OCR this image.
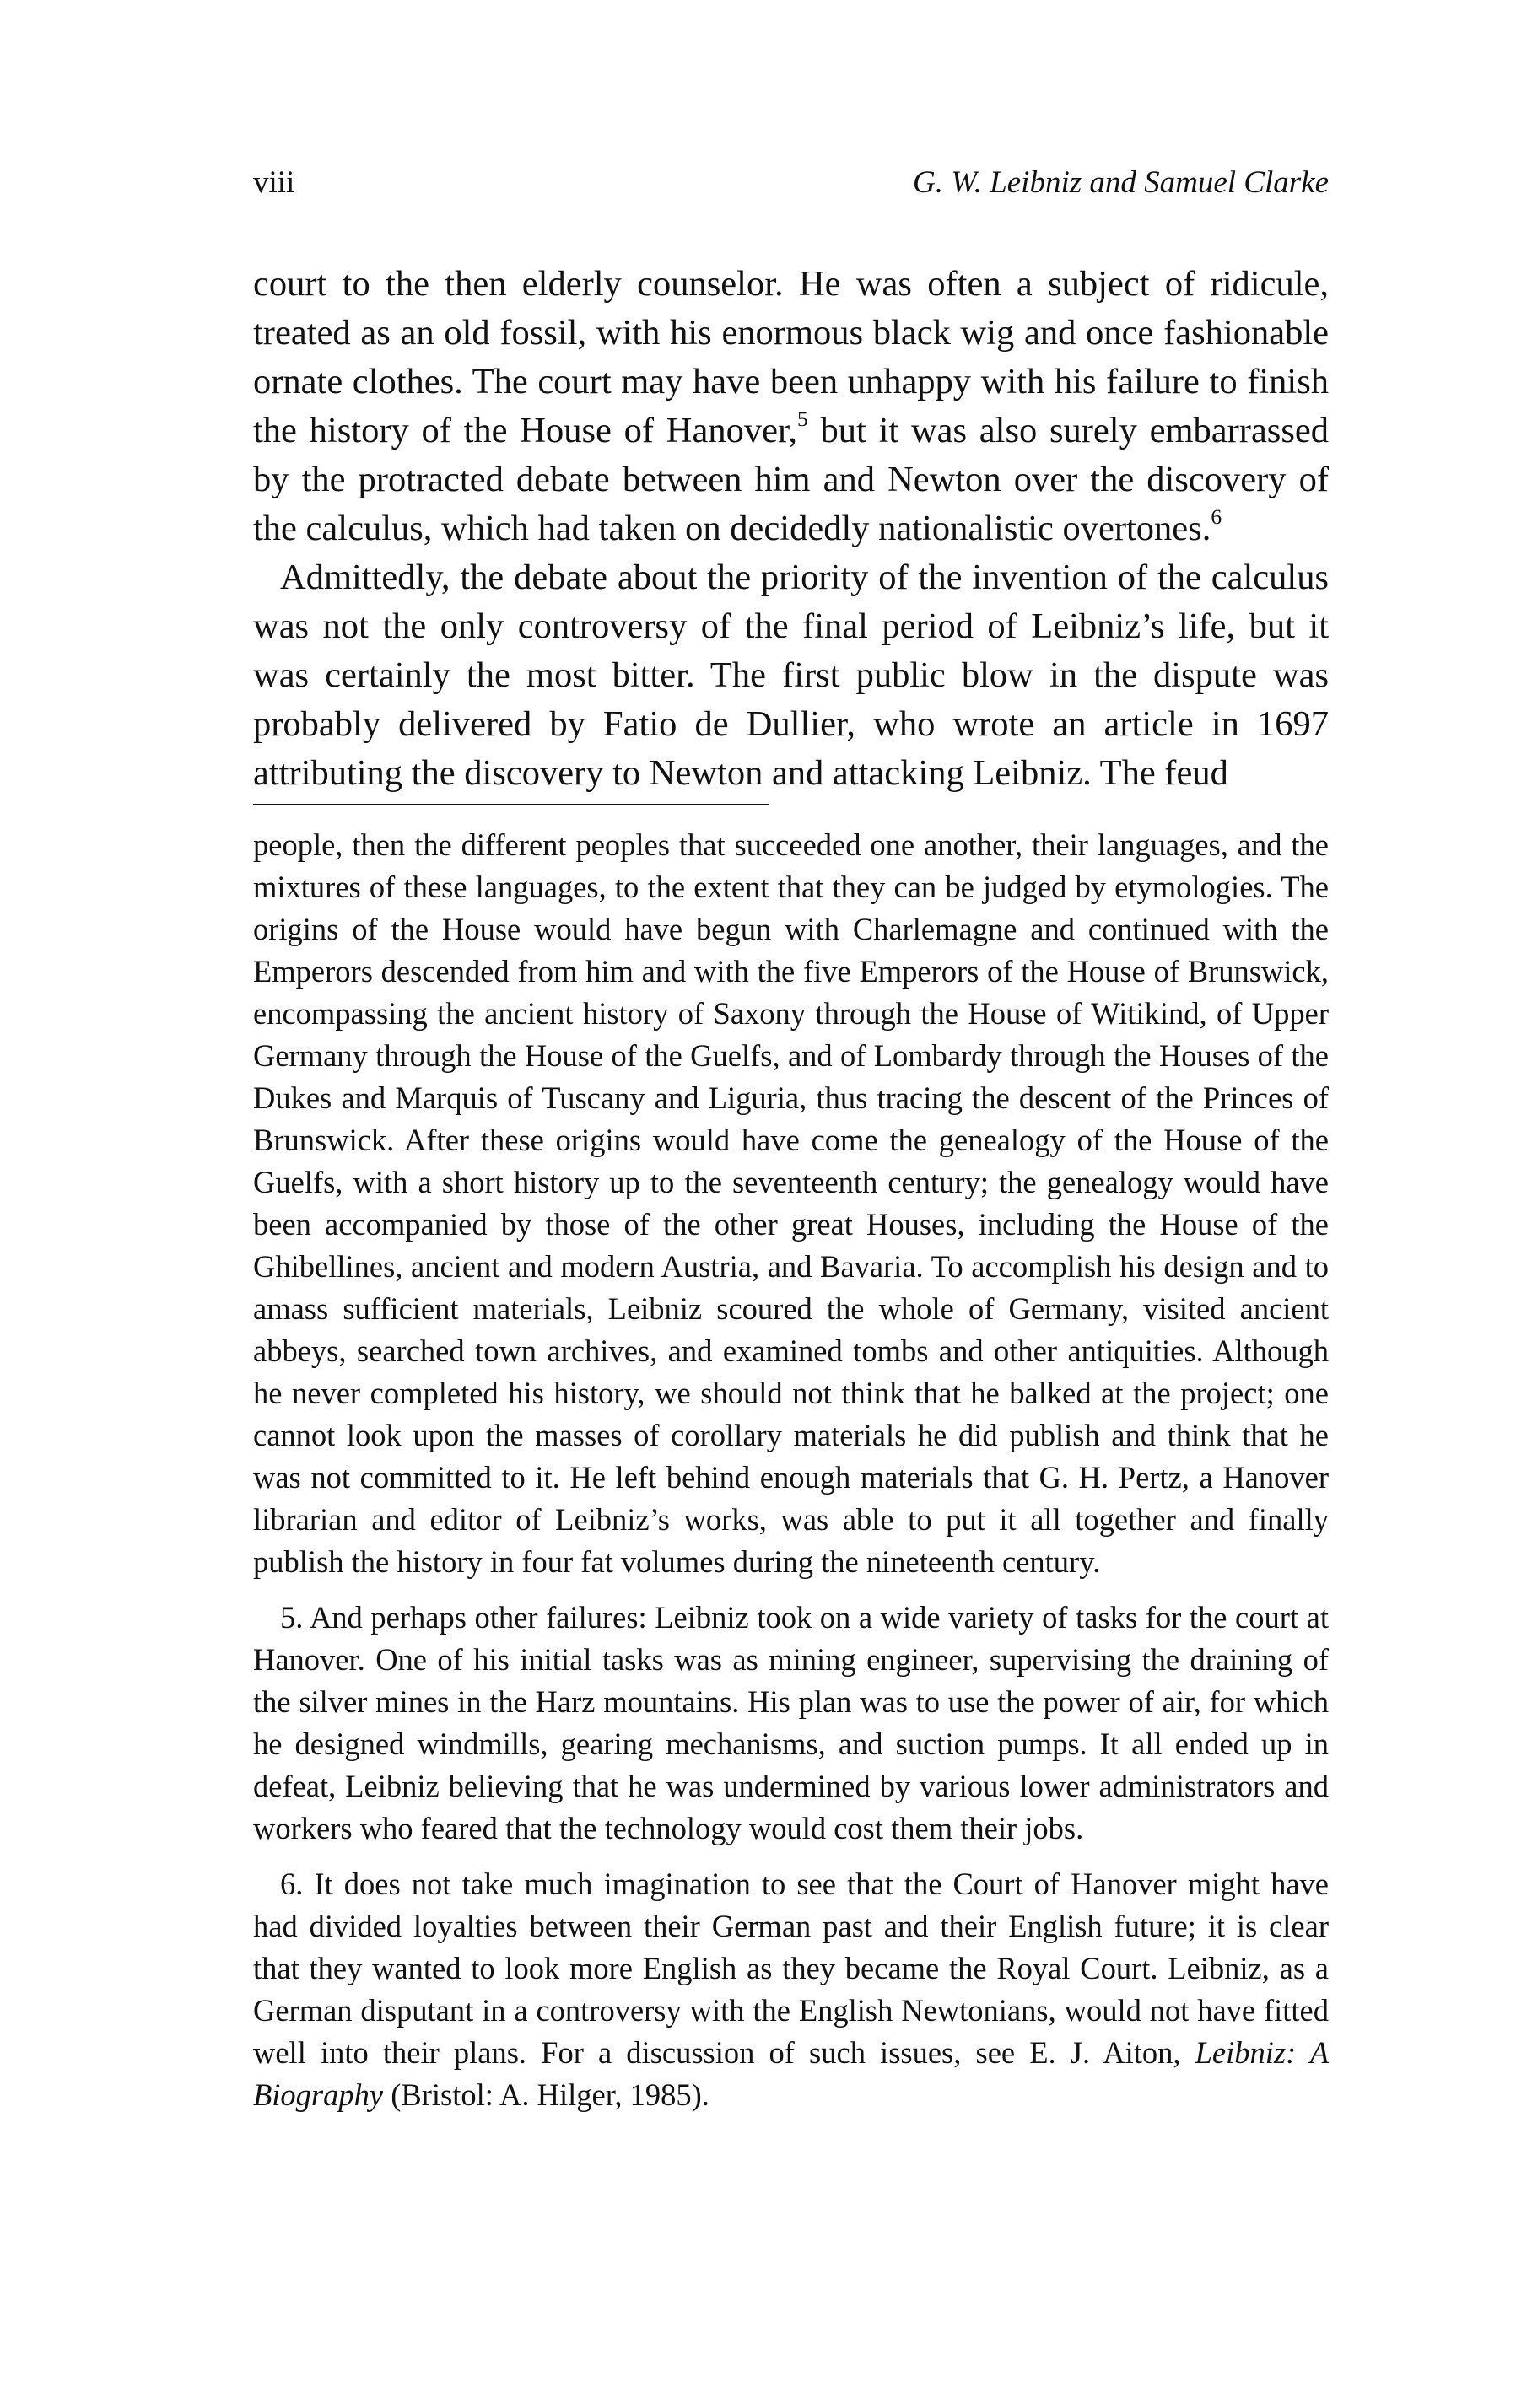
viii	G. W. Leibniz and Samuel Clarke

court to the then elderly counselor. He was often a subject of ridicule, treated as an old fossil, with his enormous black wig and once fashionable ornate clothes. The court may have been unhappy with his failure to finish the history of the House of Hanover,$^5$ but it was also surely embarrassed by the protracted debate between him and Newton over the discovery of the calculus, which had taken on decidedly nationalistic overtones.$^6$

Admittedly, the debate about the priority of the invention of the calculus was not the only controversy of the final period of Leibniz’s life, but it was certainly the most bitter. The first public blow in the dispute was probably delivered by Fatio de Dullier, who wrote an article in 1697 attributing the discovery to Newton and attacking Leibniz. The feud

people, then the different peoples that succeeded one another, their languages, and the mixtures of these languages, to the extent that they can be judged by etymologies. The origins of the House would have begun with Charlemagne and continued with the Emperors descended from him and with the five Emperors of the House of Brunswick, encompassing the ancient history of Saxony through the House of Witikind, of Upper Germany through the House of the Guelfs, and of Lombardy through the Houses of the Dukes and Marquis of Tuscany and Liguria, thus tracing the descent of the Princes of Brunswick. After these origins would have come the genealogy of the House of the Guelfs, with a short history up to the seventeenth century; the genealogy would have been accompanied by those of the other great Houses, including the House of the Ghibellines, ancient and modern Austria, and Bavaria. To accomplish his design and to amass sufficient materials, Leibniz scoured the whole of Germany, visited ancient abbeys, searched town archives, and examined tombs and other antiquities. Although he never completed his history, we should not think that he balked at the project; one cannot look upon the masses of corollary materials he did publish and think that he was not committed to it. He left behind enough materials that G. H. Pertz, a Hanover librarian and editor of Leibniz’s works, was able to put it all together and finally publish the history in four fat volumes during the nineteenth century.

5. And perhaps other failures: Leibniz took on a wide variety of tasks for the court at Hanover. One of his initial tasks was as mining engineer, supervising the draining of the silver mines in the Harz mountains. His plan was to use the power of air, for which he designed windmills, gearing mechanisms, and suction pumps. It all ended up in defeat, Leibniz believing that he was undermined by various lower administrators and workers who feared that the technology would cost them their jobs.

6. It does not take much imagination to see that the Court of Hanover might have had divided loyalties between their German past and their English future; it is clear that they wanted to look more English as they became the Royal Court. Leibniz, as a German disputant in a controversy with the English Newtonians, would not have fitted well into their plans. For a discussion of such issues, see E. J. Aiton, Leibniz: A Biography (Bristol: A. Hilger, 1985).
